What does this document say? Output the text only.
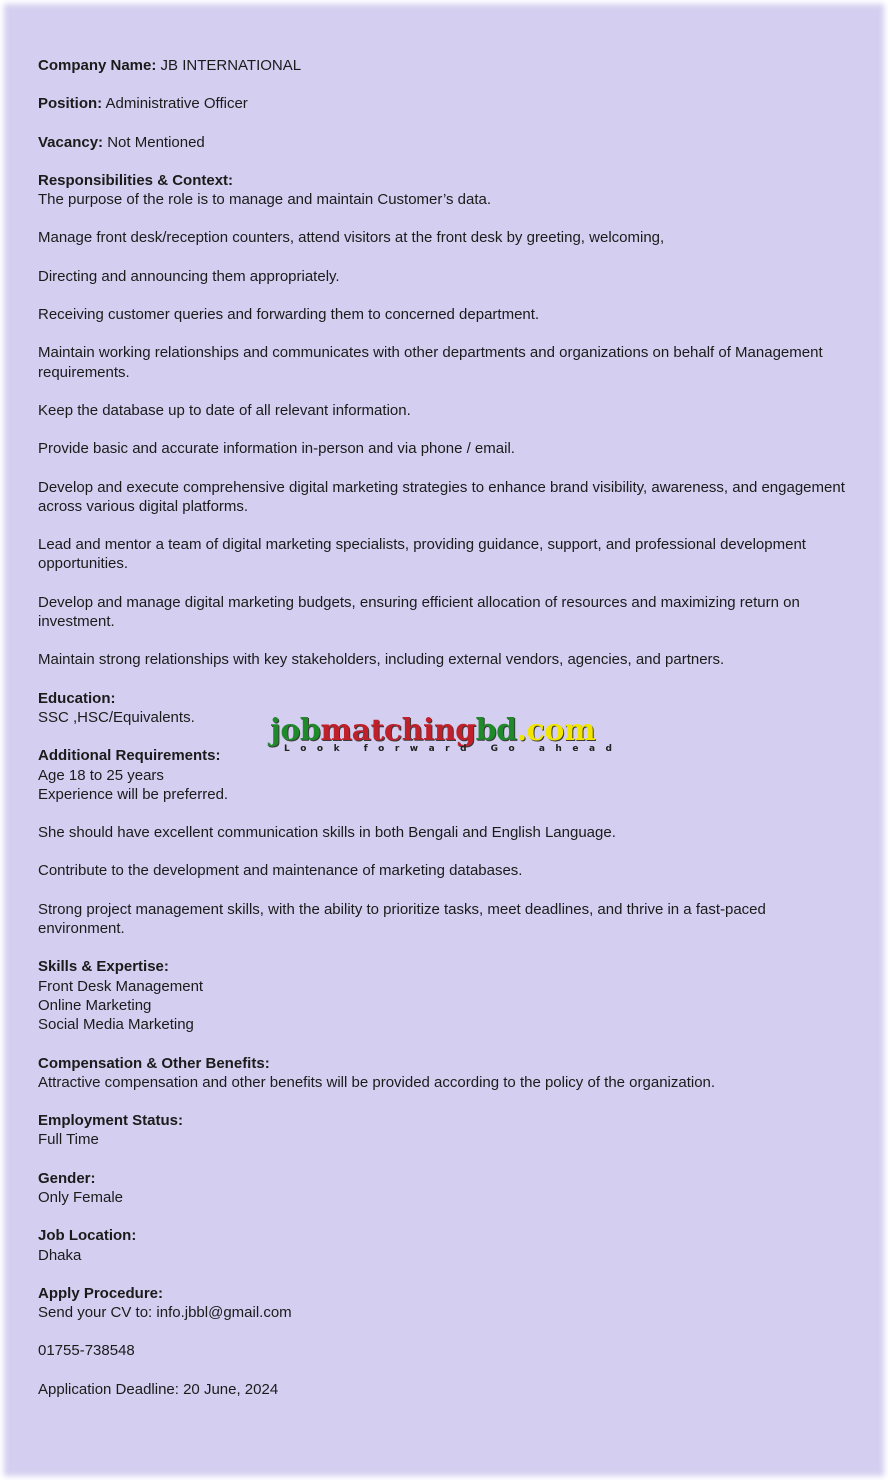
Company Name: JB INTERNATIONAL
Position: Administrative Officer
Vacancy: Not Mentioned

Responsibilities & Context:

The purpose of the role is to manage and maintain Customer’s data.

Manage front desk/reception counters, attend visitors at the front desk by greeting, welcoming,

Directing and announcing them appropriately.

Receiving customer queries and forwarding them to concerned department.

Maintain working relationships and communicates with other departments and organizations on behalf of Management requirements.

Keep the database up to date of all relevant information.

Provide basic and accurate information in-person and via phone / email.

Develop and execute comprehensive digital marketing strategies to enhance brand visibility, awareness, and engagement across various digital platforms.

Lead and mentor a team of digital marketing specialists, providing guidance, support, and professional development opportunities.

Develop and manage digital marketing budgets, ensuring efficient allocation of resources and maximizing return on investment.

Maintain strong relationships with key stakeholders, including external vendors, agencies, and partners.

Education:

SSC ,HSC/Equivalents.

Additional Requirements:

Age 18 to 25 years

Experience will be preferred.

She should have excellent communication skills in both Bengali and English Language.

Contribute to the development and maintenance of marketing databases.

Strong project management skills, with the ability to prioritize tasks, meet deadlines, and thrive in a fast-paced environment.

Skills & Expertise:

Front Desk Management

Online Marketing

Social Media Marketing

Compensation & Other Benefits:

Attractive compensation and other benefits will be provided according to the policy of the organization.

Employment Status:

Full Time

Gender:

Only Female

Job Location:

Dhaka

Apply Procedure:

Send your CV to: info.jbbl@gmail.com

01755-738548

Application Deadline: 20 June, 2024

jobmatchingbd.com
Look forward Go ahead
